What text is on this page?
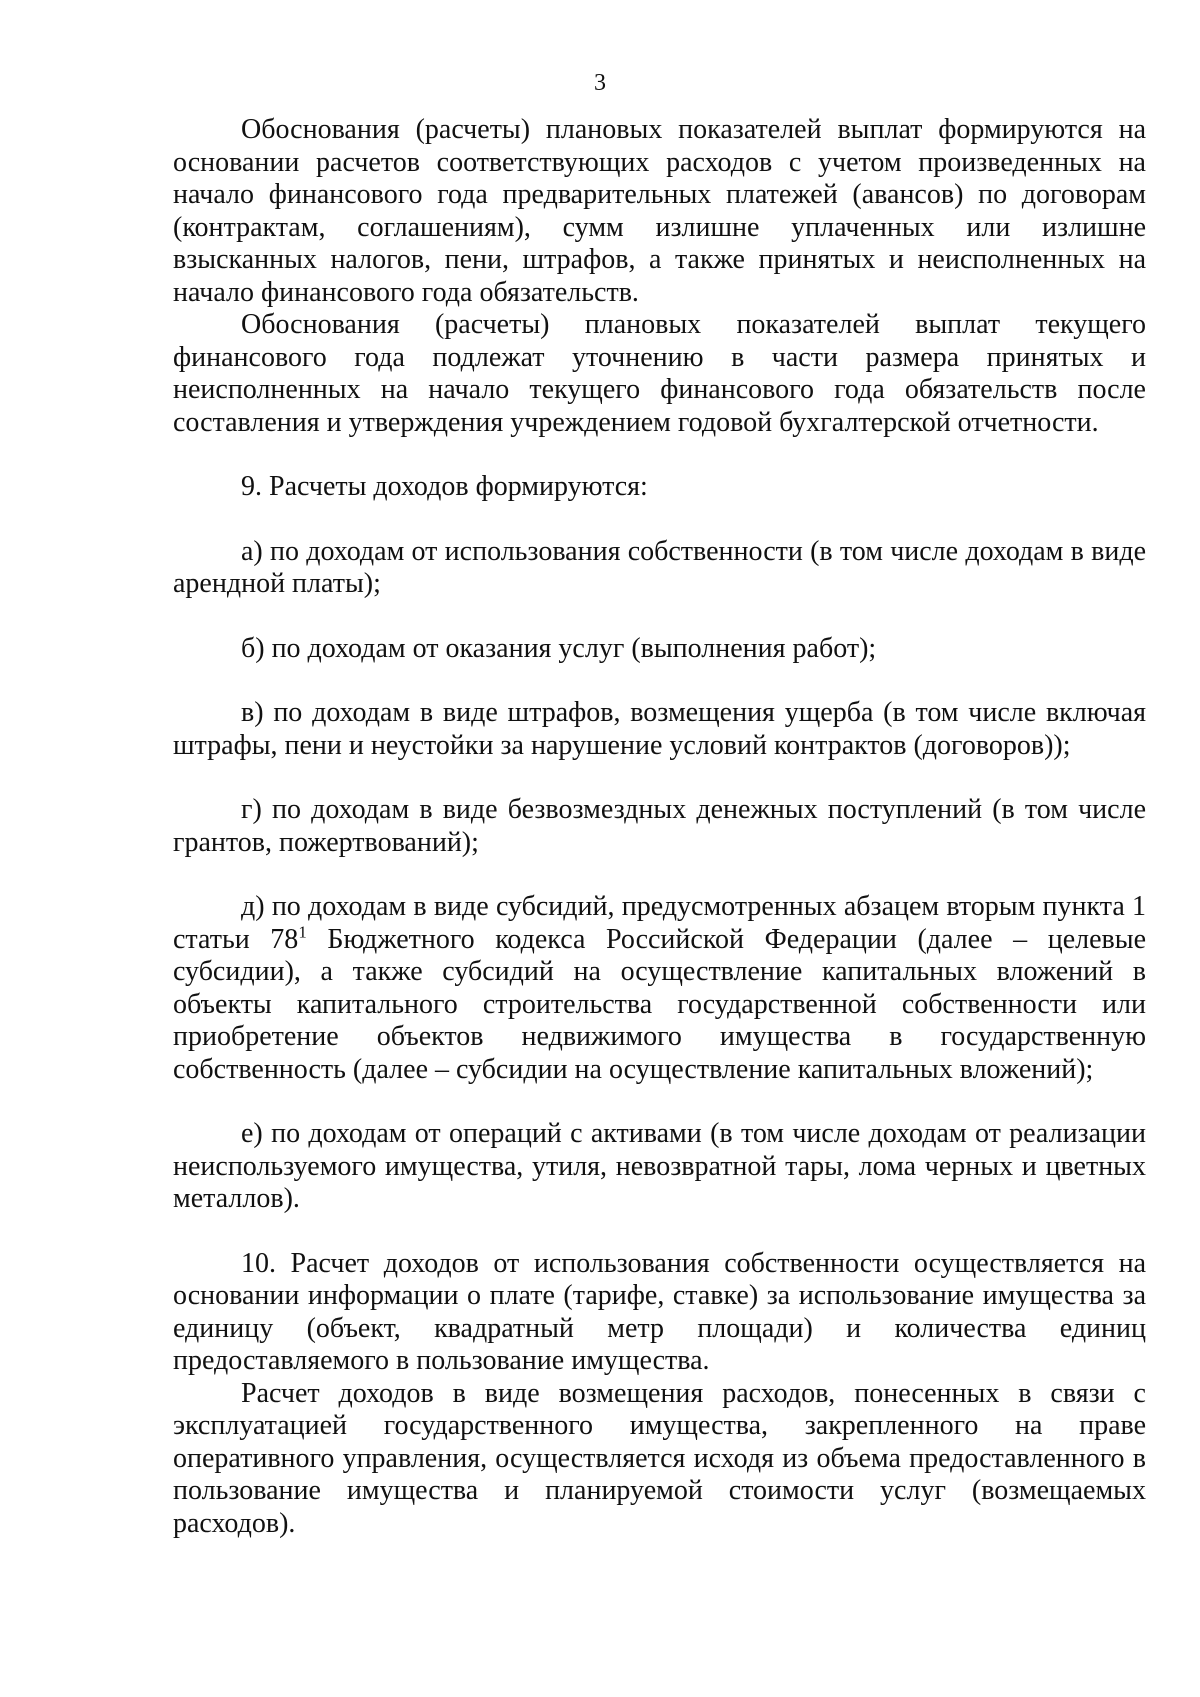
3

Обоснования (расчеты) плановых показателей выплат формируются на основании расчетов соответствующих расходов с учетом произведенных на начало финансового года предварительных платежей (авансов) по договорам (контрактам, соглашениям), сумм излишне уплаченных или излишне взысканных налогов, пени, штрафов, а также принятых и неисполненных на начало финансового года обязательств.

Обоснования (расчеты) плановых показателей выплат текущего финансового года подлежат уточнению в части размера принятых и неисполненных на начало текущего финансового года обязательств после составления и утверждения учреждением годовой бухгалтерской отчетности.

9. Расчеты доходов формируются:

а) по доходам от использования собственности (в том числе доходам в виде арендной платы);

б) по доходам от оказания услуг (выполнения работ);

в) по доходам в виде штрафов, возмещения ущерба (в том числе включая штрафы, пени и неустойки за нарушение условий контрактов (договоров));

г) по доходам в виде безвозмездных денежных поступлений (в том числе грантов, пожертвований);

д) по доходам в виде субсидий, предусмотренных абзацем вторым пункта 1 статьи $78^1$ Бюджетного кодекса Российской Федерации (далее – целевые субсидии), а также субсидий на осуществление капитальных вложений в объекты капитального строительства государственной собственности или приобретение объектов недвижимого имущества в государственную собственность (далее – субсидии на осуществление капитальных вложений);

е) по доходам от операций с активами (в том числе доходам от реализации неиспользуемого имущества, утиля, невозвратной тары, лома черных и цветных металлов).

10. Расчет доходов от использования собственности осуществляется на основании информации о плате (тарифе, ставке) за использование имущества за единицу (объект, квадратный метр площади) и количества единиц предоставляемого в пользование имущества.

Расчет доходов в виде возмещения расходов, понесенных в связи с эксплуатацией государственного имущества, закрепленного на праве оперативного управления, осуществляется исходя из объема предоставленного в пользование имущества и планируемой стоимости услуг (возмещаемых расходов).
